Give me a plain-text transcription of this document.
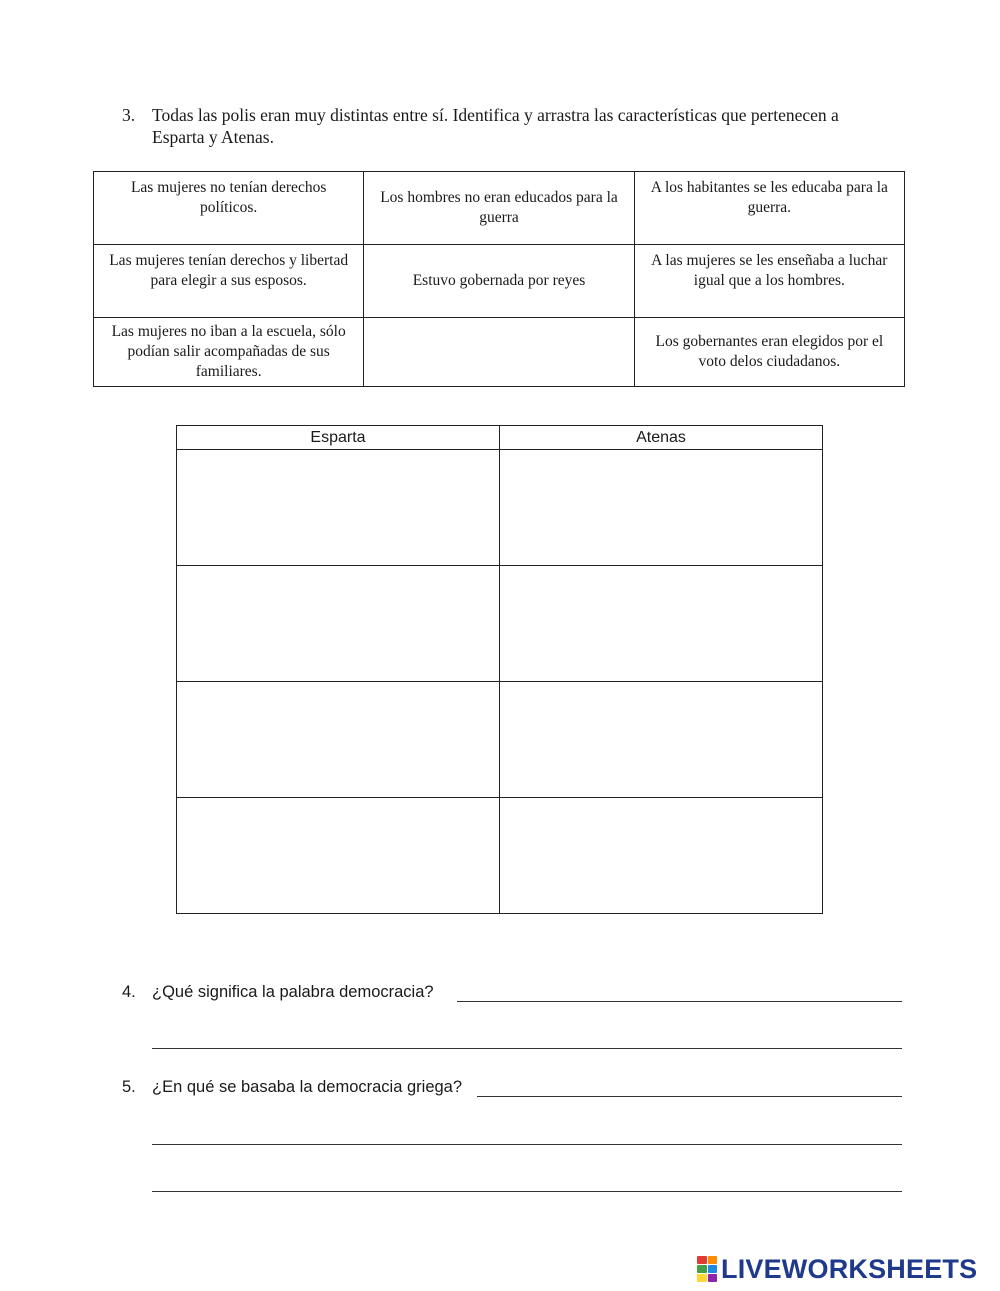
3. Todas las polis eran muy distintas entre sí. Identifica y arrastra las características que pertenecen a Esparta y Atenas.
Las mujeres no tenían derechos políticos.	Los hombres no eran educados para la guerra	A los habitantes se les educaba para la guerra.
Las mujeres tenían derechos y libertad para elegir a sus esposos.	Estuvo gobernada por reyes	A las mujeres se les enseñaba a luchar igual que a los hombres.
Las mujeres no iban a la escuela, sólo podían salir acompañadas de sus familiares.		Los gobernantes eran elegidos por el voto delos ciudadanos.
Esparta	Atenas

4. ¿Qué significa la palabra democracia?
5. ¿En qué se basaba la democracia griega?
LIVEWORKSHEETS
